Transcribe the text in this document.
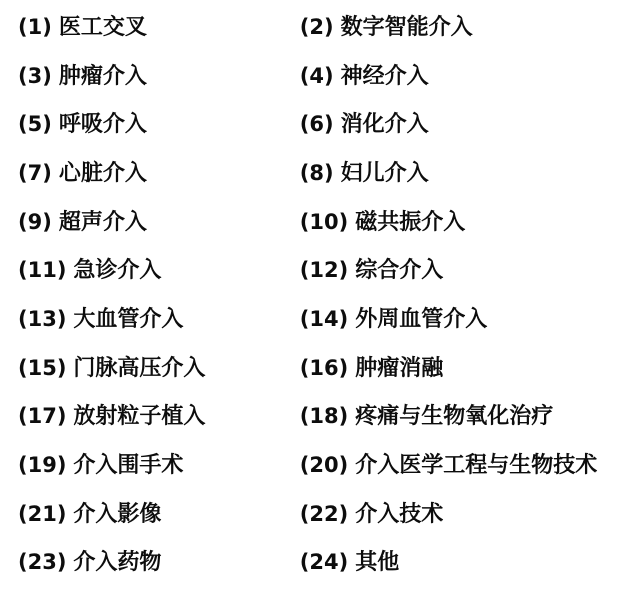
(1) 医工交叉	(2) 数字智能介入
(3) 肿瘤介入	(4) 神经介入
(5) 呼吸介入	(6) 消化介入
(7) 心脏介入	(8) 妇儿介入
(9) 超声介入	(10) 磁共振介入
(11) 急诊介入	(12) 综合介入
(13) 大血管介入	(14) 外周血管介入
(15) 门脉高压介入	(16) 肿瘤消融
(17) 放射粒子植入	(18) 疼痛与生物氧化治疗
(19) 介入围手术	(20) 介入医学工程与生物技术
(21) 介入影像	(22) 介入技术
(23) 介入药物	(24) 其他
